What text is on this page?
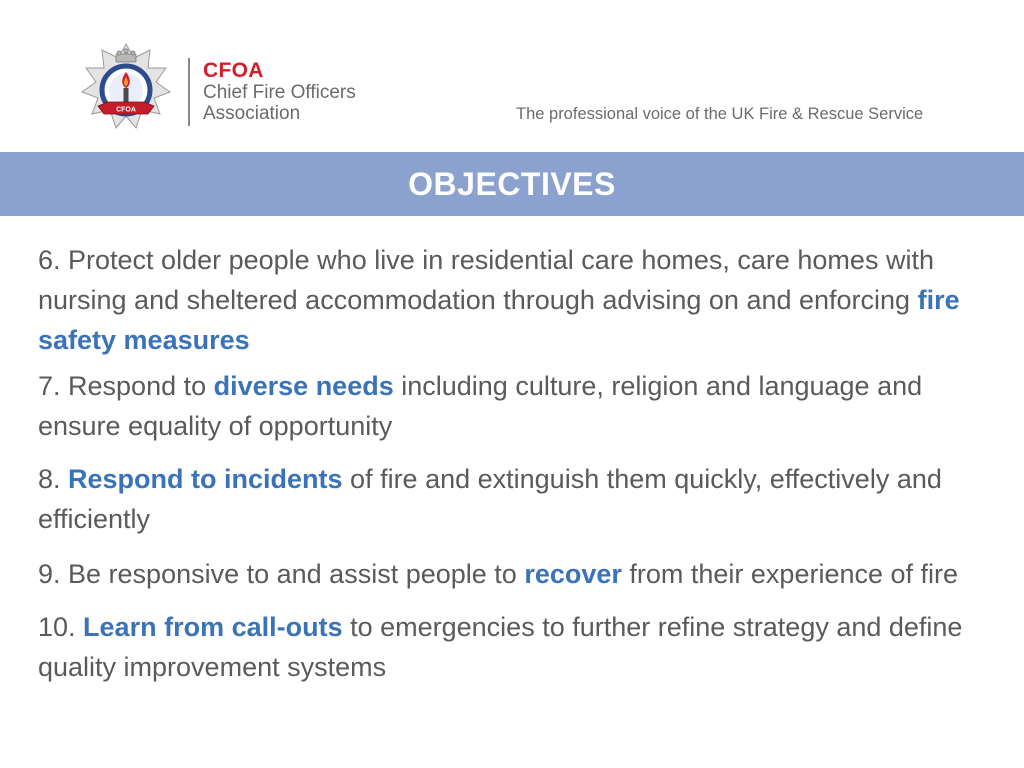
CFOA
CFOA
Chief Fire Officers
Association	The professional voice of the UK Fire & Rescue Service
OBJECTIVES
6. Protect older people who live in residential care homes, care homes with nursing and sheltered accommodation through advising on and enforcing fire safety measures
7. Respond to diverse needs including culture, religion and language and ensure equality of opportunity
8. Respond to incidents of fire and extinguish them quickly, effectively and efficiently
9. Be responsive to and assist people to recover from their experience of fire
10. Learn from call-outs to emergencies to further refine strategy and define quality improvement systems
